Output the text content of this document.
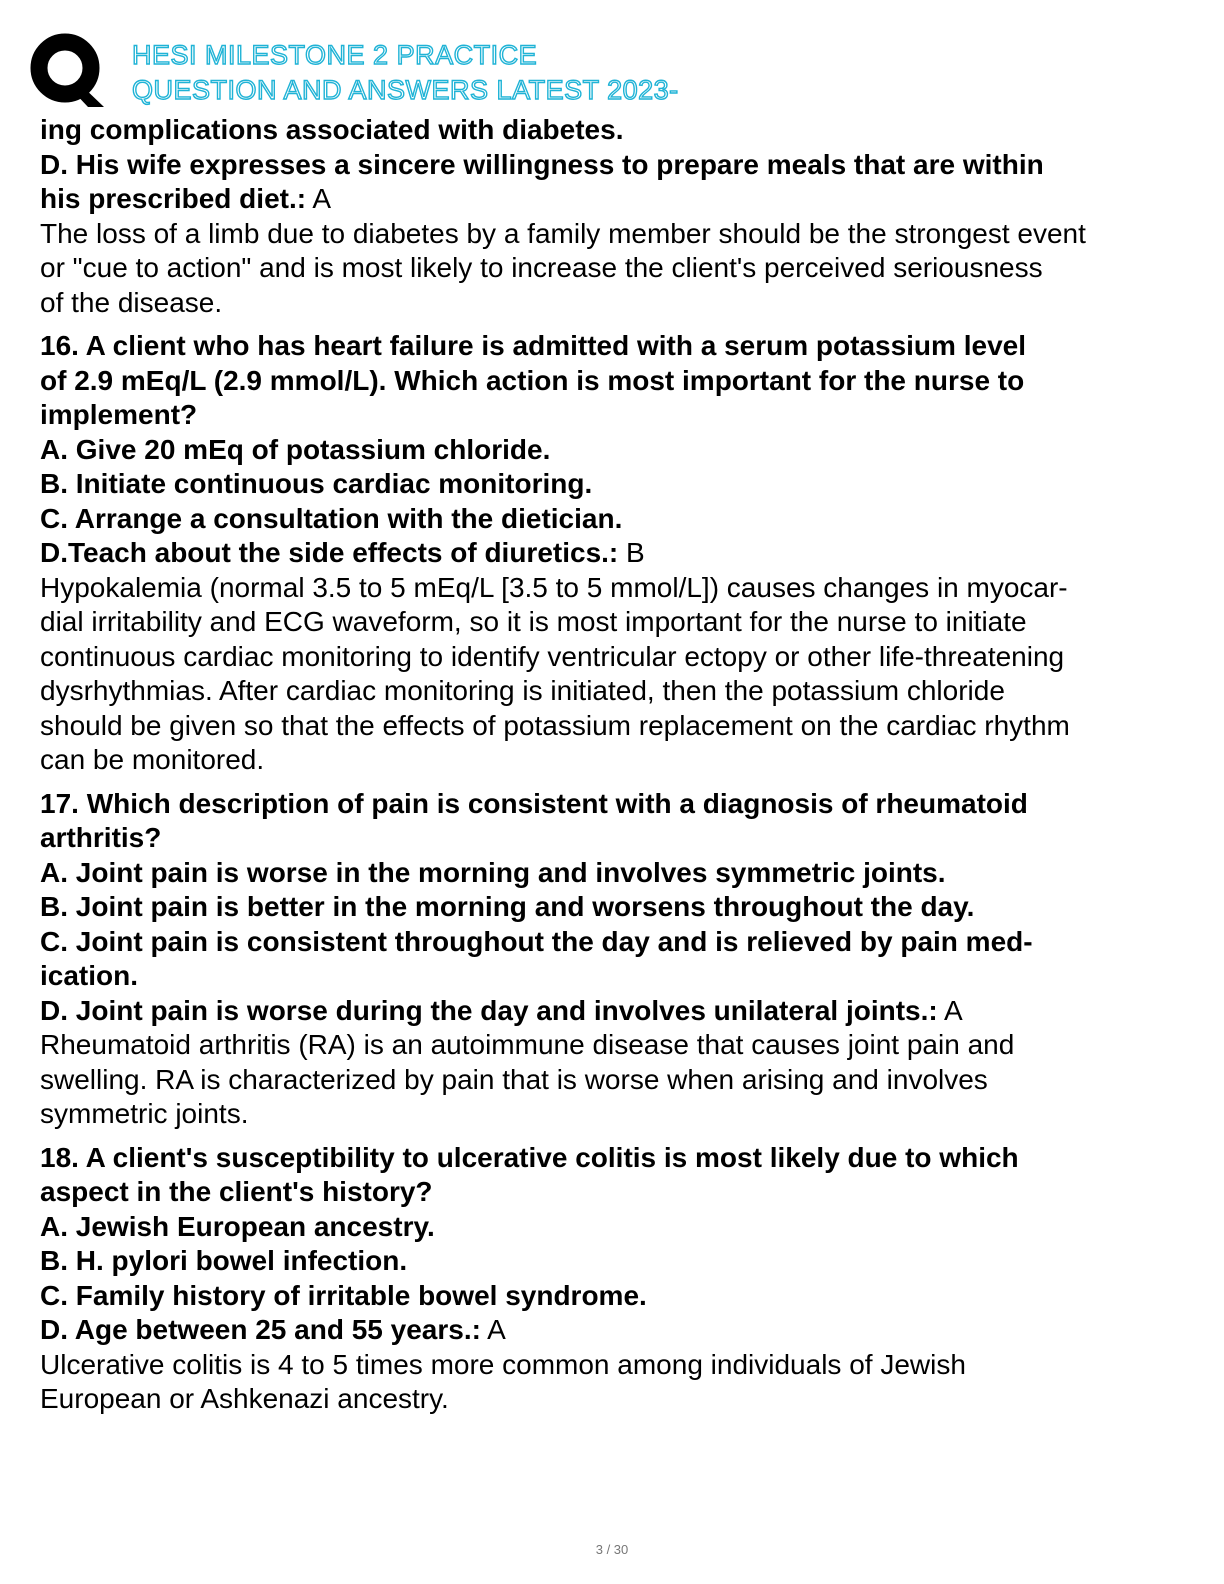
HESI MILESTONE 2 PRACTICE
QUESTION AND ANSWERS LATEST 2023-
ing complications associated with diabetes.
D. His wife expresses a sincere willingness to prepare meals that are within
his prescribed diet.: A
The loss of a limb due to diabetes by a family member should be the strongest event
or "cue to action" and is most likely to increase the client's perceived seriousness
of the disease.
16. A client who has heart failure is admitted with a serum potassium level
of 2.9 mEq/L (2.9 mmol/L). Which action is most important for the nurse to
implement?
A. Give 20 mEq of potassium chloride.
B. Initiate continuous cardiac monitoring.
C. Arrange a consultation with the dietician.
D.Teach about the side effects of diuretics.: B
Hypokalemia (normal 3.5 to 5 mEq/L [3.5 to 5 mmol/L]) causes changes in myocar-
dial irritability and ECG waveform, so it is most important for the nurse to initiate
continuous cardiac monitoring to identify ventricular ectopy or other life-threatening
dysrhythmias. After cardiac monitoring is initiated, then the potassium chloride
should be given so that the effects of potassium replacement on the cardiac rhythm
can be monitored.
17. Which description of pain is consistent with a diagnosis of rheumatoid
arthritis?
A. Joint pain is worse in the morning and involves symmetric joints.
B. Joint pain is better in the morning and worsens throughout the day.
C. Joint pain is consistent throughout the day and is relieved by pain med-
ication.
D. Joint pain is worse during the day and involves unilateral joints.: A
Rheumatoid arthritis (RA) is an autoimmune disease that causes joint pain and
swelling. RA is characterized by pain that is worse when arising and involves
symmetric joints.
18. A client's susceptibility to ulcerative colitis is most likely due to which
aspect in the client's history?
A. Jewish European ancestry.
B. H. pylori bowel infection.
C. Family history of irritable bowel syndrome.
D. Age between 25 and 55 years.: A
Ulcerative colitis is 4 to 5 times more common among individuals of Jewish
European or Ashkenazi ancestry.
3 / 30
